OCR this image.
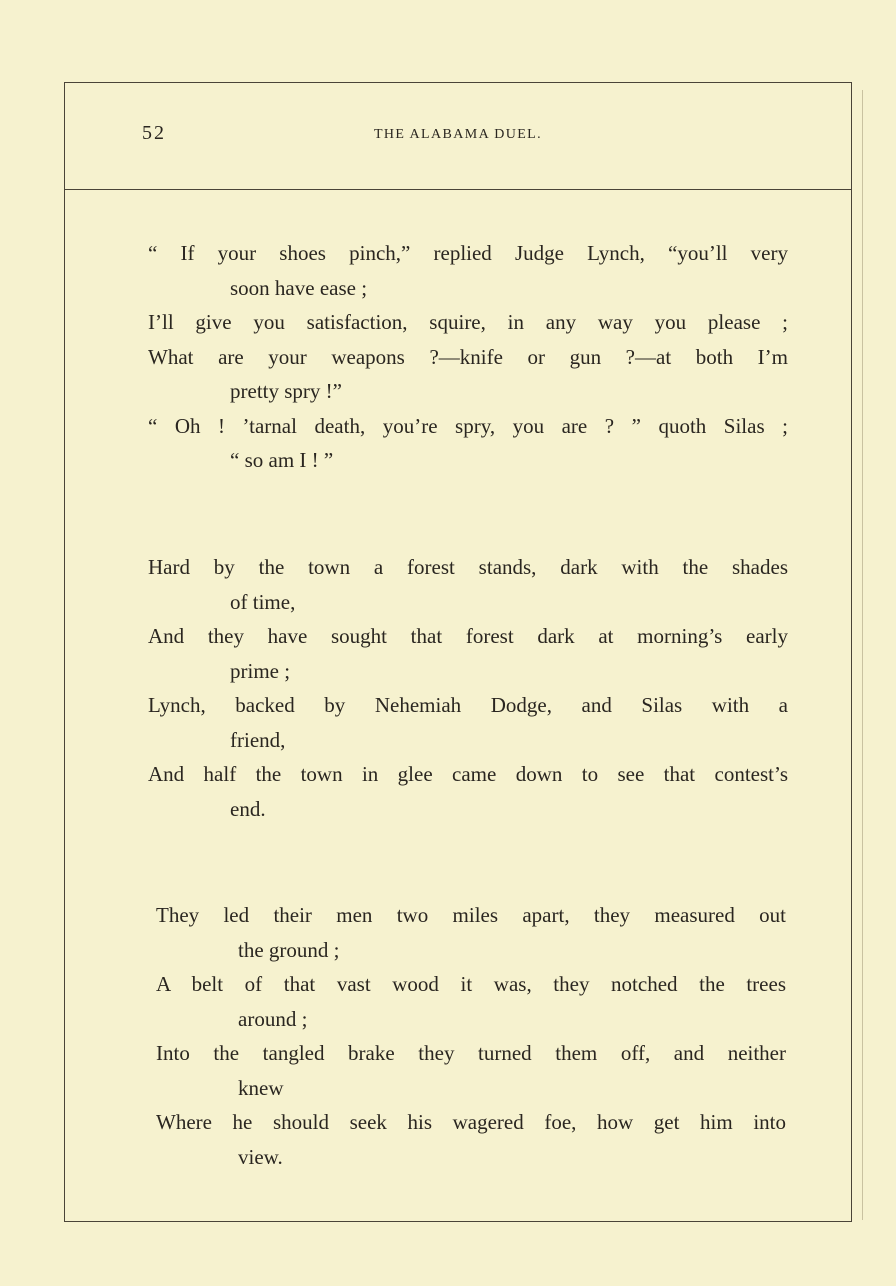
52	THE ALABAMA DUEL.

“ If your shoes pinch,” replied Judge Lynch, “you’ll very
soon have ease ;

I’ll give you satisfaction, squire, in any way you please ;

What are your weapons ?—knife or gun ?—at both I’m
pretty spry !”

“ Oh ! ’tarnal death, you’re spry, you are ? ” quoth Silas ;
“ so am I ! ”

Hard by the town a forest stands, dark with the shades
of time,

And they have sought that forest dark at morning’s early
prime ;

Lynch, backed by Nehemiah Dodge, and Silas with a
friend,

And half the town in glee came down to see that contest’s
end.

They led their men two miles apart, they measured out
the ground ;

A belt of that vast wood it was, they notched the trees
around ;

Into the tangled brake they turned them off, and neither
knew

Where he should seek his wagered foe, how get him into
view.
